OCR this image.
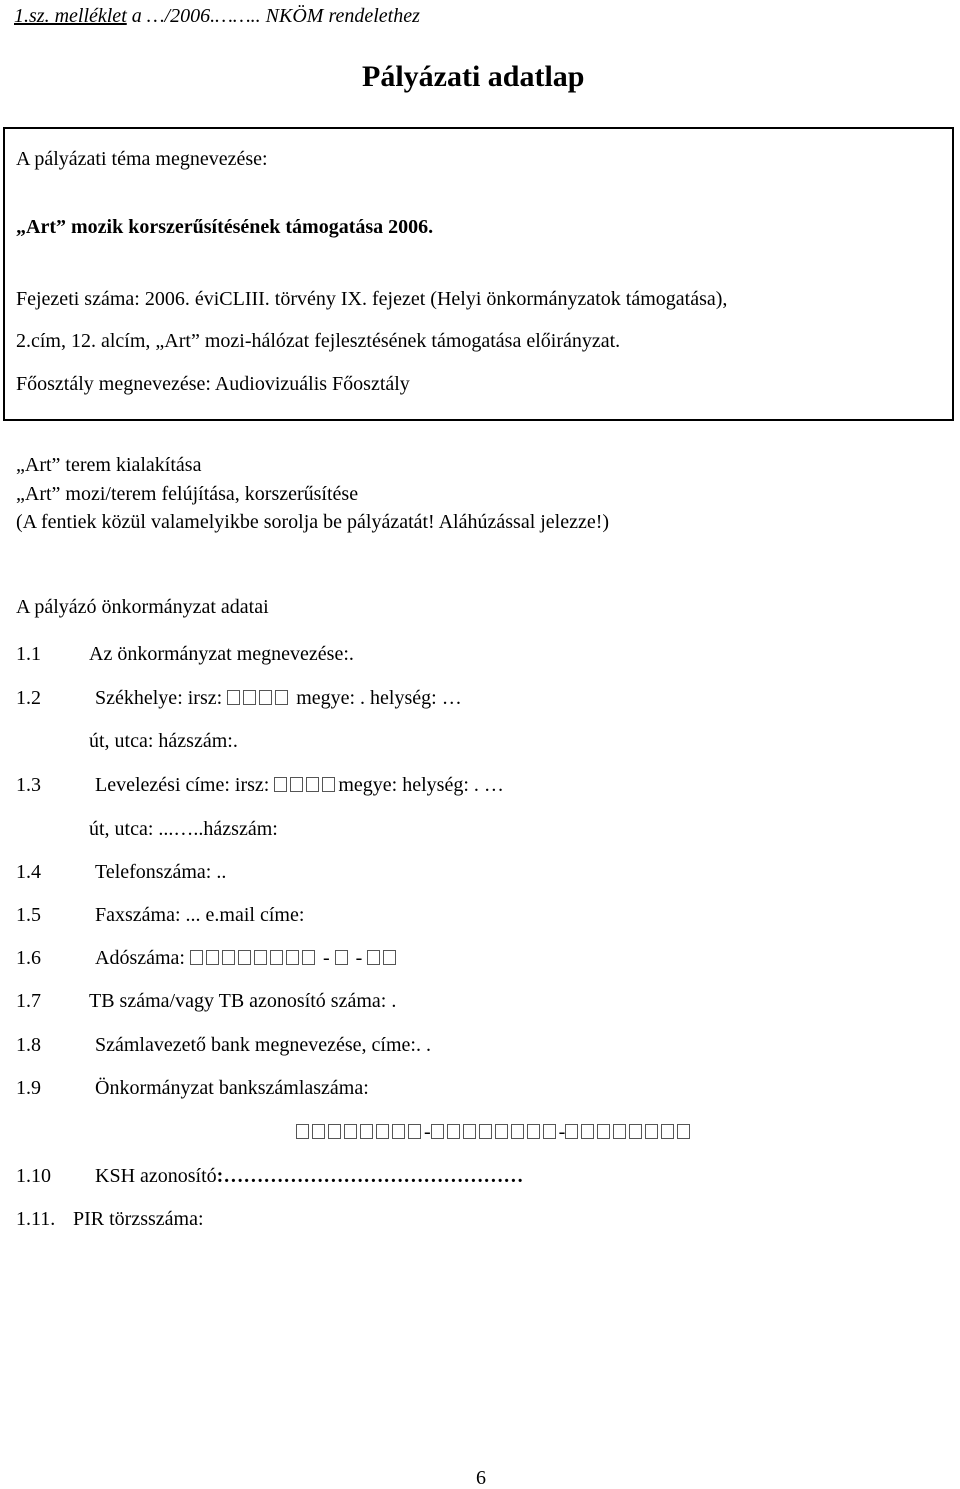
1.sz. melléklet a …/2006.…….. NKÖM rendelethez
Pályázati adatlap
A pályázati téma megnevezése:
„Art” mozik korszerűsítésének támogatása 2006.
Fejezeti száma: 2006. éviCLIII. törvény IX. fejezet (Helyi önkormányzatok támogatása),
2.cím, 12. alcím, „Art” mozi-hálózat fejlesztésének támogatása előirányzat.
Főosztály megnevezése: Audiovizuális Főosztály
„Art” terem kialakítása
„Art” mozi/terem felújítása, korszerűsítése
(A fentiek közül valamelyikbe sorolja be pályázatát! Aláhúzással jelezze!)
A pályázó önkormányzat adatai
1.1 Az önkormányzat megnevezése:.
1.2	Székhelye: irsz:	megye: . helység: …
út, utca: házszám:.
1.3	Levelezési címe: irsz:	megye: helység: . …
út, utca: ...…..házszám:
1.4	Telefonszáma: ..
1.5	Faxszáma: ... e.mail címe:
1.6	Adószáma:	-  -
1.7 TB száma/vagy TB azonosító száma: .
1.8	Számlavezető bank megnevezése, címe:. .
1.9	Önkormányzat bankszámlaszáma:
-	-
1.10 KSH azonosító:………………………………………
1.11. PIR törzsszáma:
6
